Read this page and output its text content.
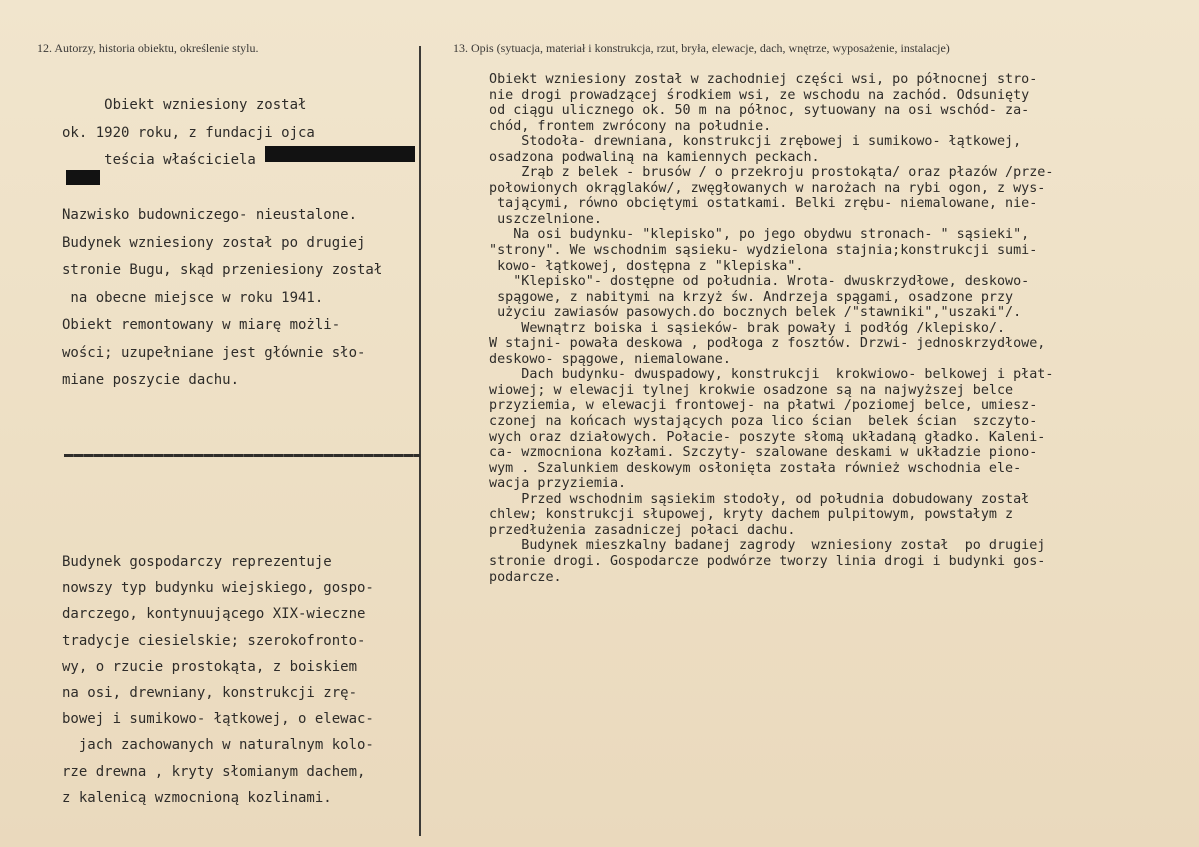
12. Autorzy, historia obiektu, określenie stylu.	13. Opis (sytuacja, materiał i konstrukcja, rzut, bryła, elewacje, dach, wnętrze, wyposażenie, instalacje)
Obiekt wzniesiony został
ok. 1920 roku, z fundacji ojca
teścia właściciela

Nazwisko budowniczego- nieustalone.
Budynek wzniesiony został po drugiej
stronie Bugu, skąd przeniesiony został
na obecne miejsce w roku 1941.
Obiekt remontowany w miarę możli-
wości; uzupełniane jest głównie sło-
miane poszycie dachu.
Budynek gospodarczy reprezentuje
nowszy typ budynku wiejskiego, gospo-
darczego, kontynuującego XIX-wieczne
tradycje ciesielskie; szerokofronto-
wy, o rzucie prostokąta, z boiskiem
na osi, drewniany, konstrukcji zrę-
bowej i sumikowo- łątkowej, o elewac-
jach zachowanych w naturalnym kolo-
rze drewna , kryty słomianym dachem,
z kalenicą wzmocnioną kozlinami.
Obiekt wzniesiony został w zachodniej części wsi, po północnej stro-
nie drogi prowadzącej środkiem wsi, ze wschodu na zachód. Odsunięty
od ciągu ulicznego ok. 50 m na północ, sytuowany na osi wschód- za-
chód, frontem zwrócony na południe.
Stodoła- drewniana, konstrukcji zrębowej i sumikowo- łątkowej,
osadzona podwaliną na kamiennych peckach.
Zrąb z belek - brusów / o przekroju prostokąta/ oraz płazów /prze-
połowionych okrąglaków/, zwęgłowanych w narożach na rybi ogon, z wys-
tającymi, równo obciętymi ostatkami. Belki zrębu- niemalowane, nie-
uszczelnione.
Na osi budynku- "klepisko", po jego obydwu stronach- " sąsieki",
"strony". We wschodnim sąsieku- wydzielona stajnia;konstrukcji sumi-
kowo- łątkowej, dostępna z "klepiska".
"Klepisko"- dostępne od południa. Wrota- dwuskrzydłowe, deskowo-
spągowe, z nabitymi na krzyż św. Andrzeja spągami, osadzone przy
użyciu zawiasów pasowych.do bocznych belek /"stawniki","uszaki"/.
Wewnątrz boiska i sąsieków- brak powały i podłóg /klepisko/.
W stajni- powała deskowa , podłoga z fosztów. Drzwi- jednoskrzydłowe,
deskowo- spągowe, niemalowane.
Dach budynku- dwuspadowy, konstrukcji  krokwiowo- belkowej i płat-
wiowej; w elewacji tylnej krokwie osadzone są na najwyższej belce
przyziemia, w elewacji frontowej- na płatwi /poziomej belce, umiesz-
czonej na końcach wystających poza lico ścian  belek ścian  szczyto-
wych oraz działowych. Połacie- poszyte słomą układaną gładko. Kaleni-
ca- wzmocniona kozłami. Szczyty- szalowane deskami w układzie piono-
wym . Szalunkiem deskowym osłonięta została również wschodnia ele-
wacja przyziemia.
Przed wschodnim sąsiekim stodoły, od południa dobudowany został
chlew; konstrukcji słupowej, kryty dachem pulpitowym, powstałym z
przedłużenia zasadniczej połaci dachu.
Budynek mieszkalny badanej zagrody  wzniesiony został  po drugiej
stronie drogi. Gospodarcze podwórze tworzy linia drogi i budynki gos-
podarcze.
